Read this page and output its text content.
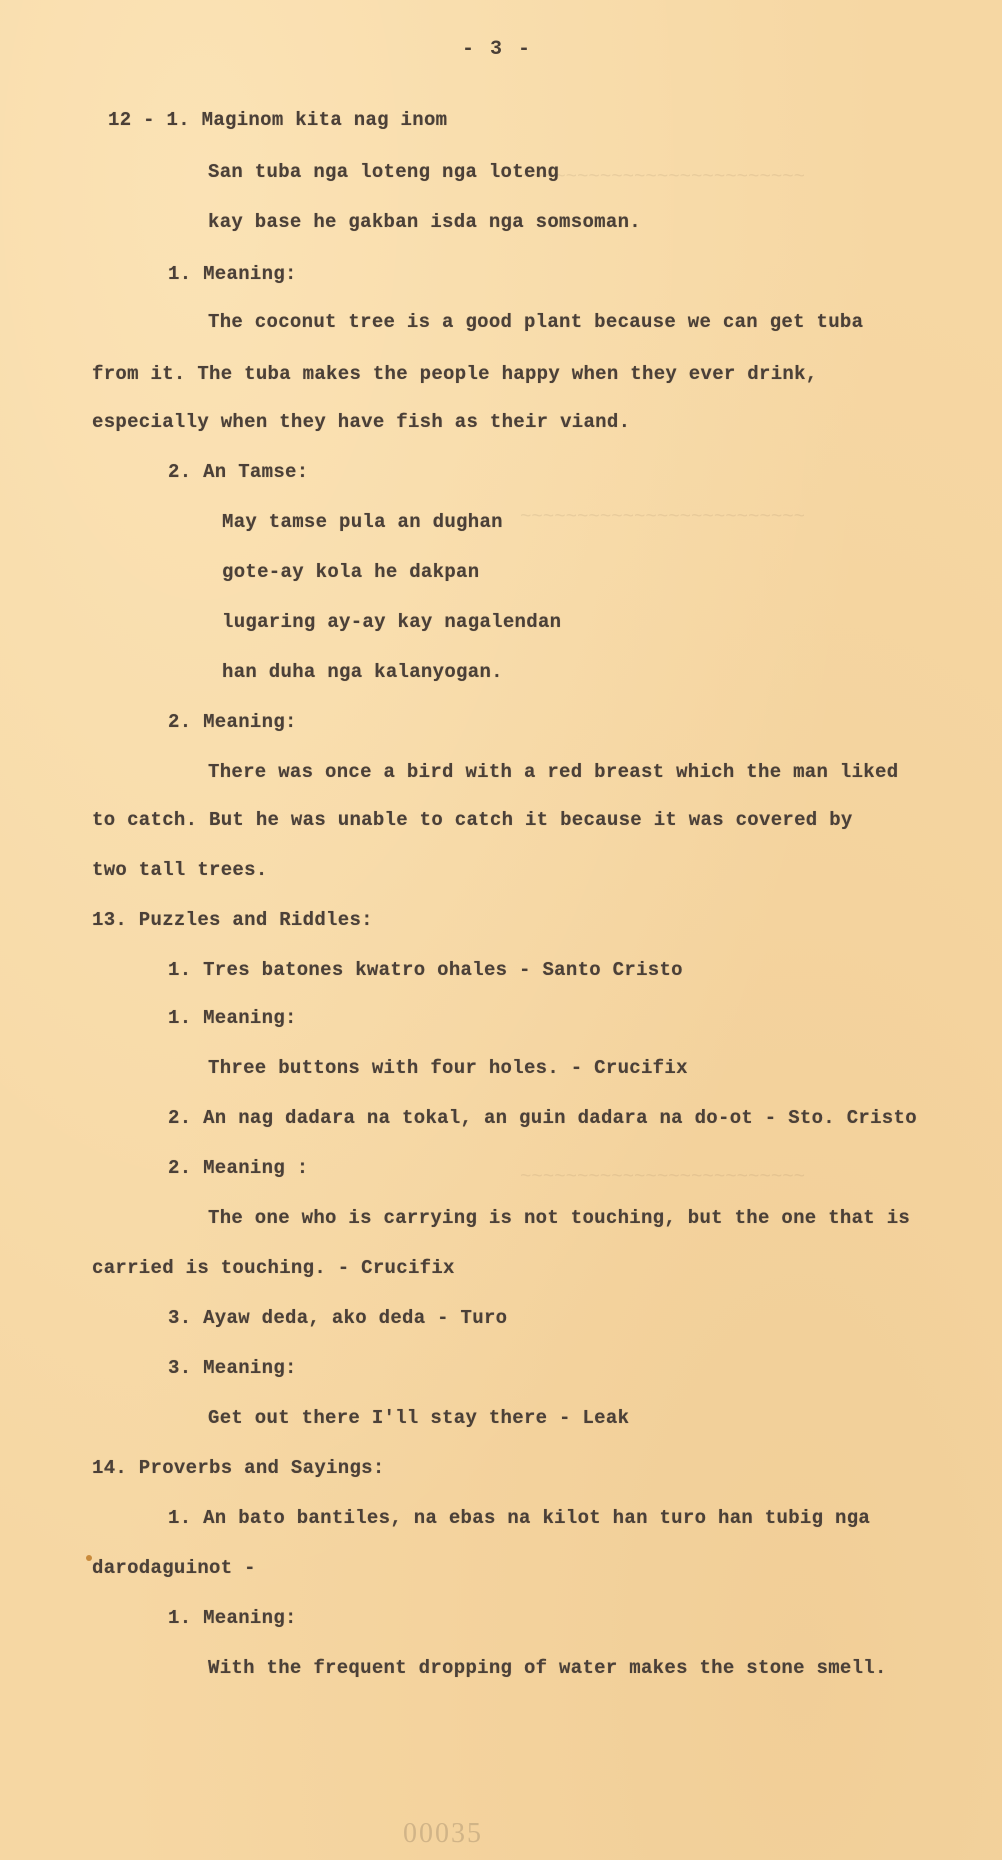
~~~~~~~~~~~~~~~~~~~~~~~~~
~~~~~~~~~~~~~~~~~~~~~~~~~
~~~~~~~~~~~~~~~~~~~~~~~~~
- 3 -
12 - 1. Maginom kita nag inom
San tuba nga loteng nga loteng
kay base he gakban isda nga somsoman.
1. Meaning:
The coconut tree is a good plant because we can get tuba
from it. The tuba makes the people happy when they ever drink,
especially when they have fish as their viand.
2. An Tamse:
May tamse pula an dughan
gote-ay kola he dakpan
lugaring ay-ay kay nagalendan
han duha nga kalanyogan.
2. Meaning:
There was once a bird with a red breast which the man liked
to catch. But he was unable to catch it because it was covered by
two tall trees.
13. Puzzles and Riddles:
1. Tres batones kwatro ohales - Santo Cristo
1. Meaning:
Three buttons with four holes. - Crucifix
2. An nag dadara na tokal, an guin dadara na do-ot - Sto. Cristo
2. Meaning :
The one who is carrying is not touching, but the one that is
carried is touching. - Crucifix
3. Ayaw deda, ako deda - Turo
3. Meaning:
Get out there I'll stay there - Leak
14. Proverbs and Sayings:
1. An bato bantiles, na ebas na kilot han turo han tubig nga
darodaguinot -
1. Meaning:
With the frequent dropping of water makes the stone smell.
00035
